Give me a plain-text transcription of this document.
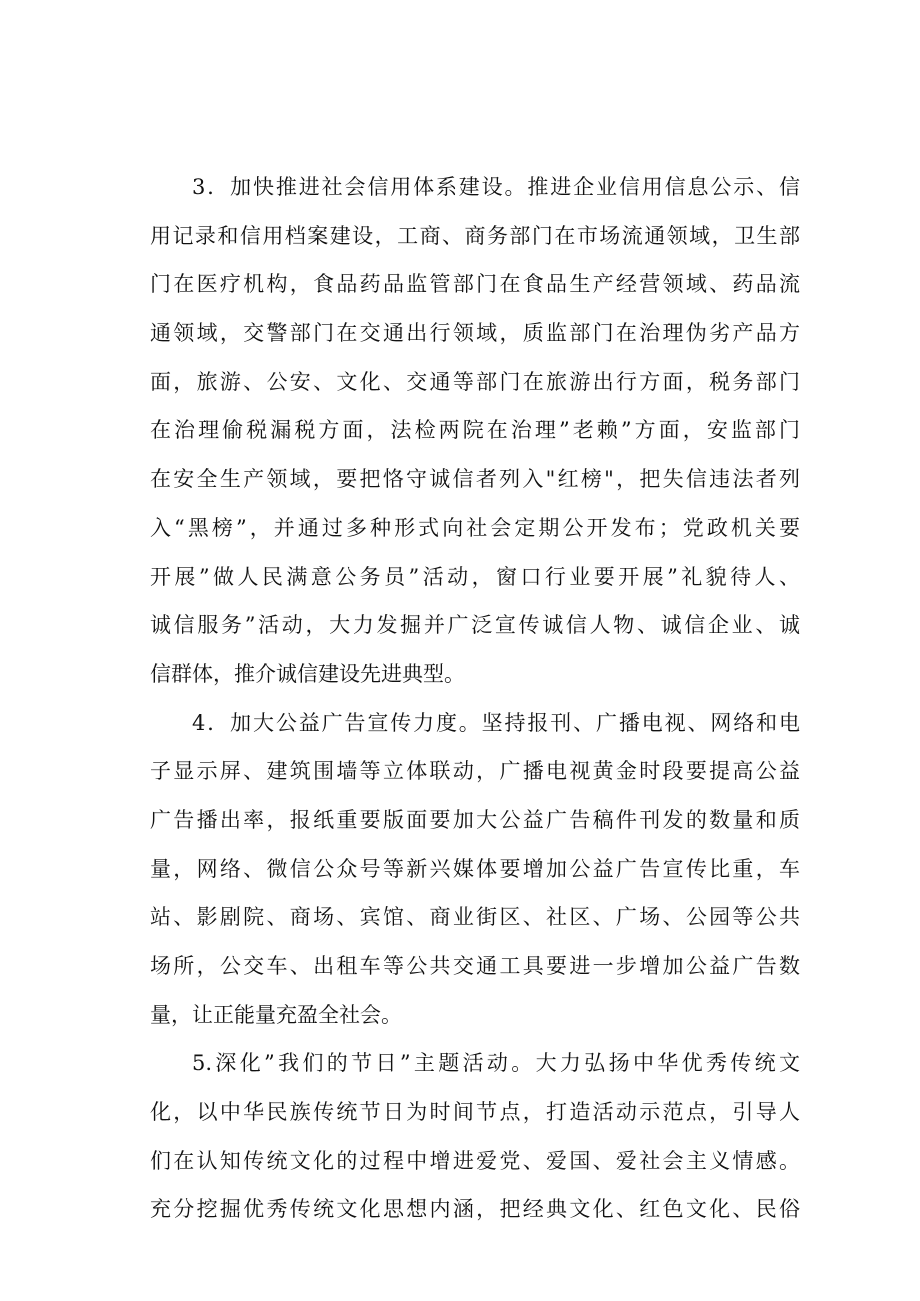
3．加快推进社会信用体系建设。推进企业信用信息公示、信
用记录和信用档案建设，工商、商务部门在市场流通领域，卫生部
门在医疗机构，食品药品监管部门在食品生产经营领域、药品流
通领域，交警部门在交通出行领域，质监部门在治理伪劣产品方
面，旅游、公安、文化、交通等部门在旅游出行方面，税务部门
在治理偷税漏税方面，法检两院在治理”老赖”方面，安监部门
在安全生产领域，要把恪守诚信者列入"红榜"，把失信违法者列
入“黑榜”，并通过多种形式向社会定期公开发布；党政机关要
开展”做人民满意公务员”活动，窗口行业要开展”礼貌待人、
诚信服务”活动，大力发掘并广泛宣传诚信人物、诚信企业、诚
信群体，推介诚信建设先进典型。
4．加大公益广告宣传力度。坚持报刊、广播电视、网络和电
子显示屏、建筑围墙等立体联动，广播电视黄金时段要提高公益
广告播出率，报纸重要版面要加大公益广告稿件刊发的数量和质
量，网络、微信公众号等新兴媒体要增加公益广告宣传比重，车
站、影剧院、商场、宾馆、商业街区、社区、广场、公园等公共
场所，公交车、出租车等公共交通工具要进一步增加公益广告数
量，让正能量充盈全社会。
5.深化”我们的节日”主题活动。大力弘扬中华优秀传统文
化，以中华民族传统节日为时间节点，打造活动示范点，引导人
们在认知传统文化的过程中增进爱党、爱国、爱社会主义情感。
充分挖掘优秀传统文化思想内涵，把经典文化、红色文化、民俗
